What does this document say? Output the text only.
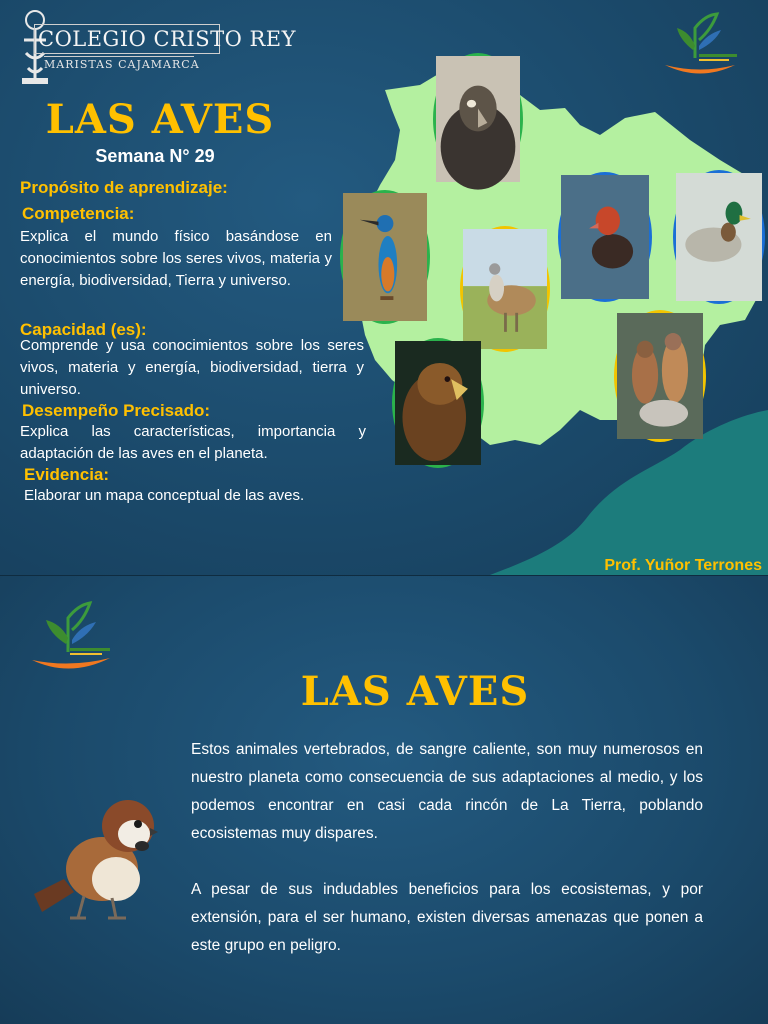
COLEGIO CRISTO REY
MARISTAS CAJAMARCA
LAS AVES
Semana N° 29
Propósito de aprendizaje:
Competencia:
Explica el mundo físico basándose en conocimientos sobre los seres vivos, materia y energía, biodiversidad, Tierra y universo.
Capacidad (es):
Comprende y usa conocimientos sobre los seres vivos, materia y energía, biodiversidad, tierra y universo.
Desempeño Precisado:
Explica las características, importancia y adaptación de las aves en el planeta.
Evidencia:
Elaborar un mapa conceptual de las aves.
Prof. Yuñor Terrones
LAS AVES
Estos animales vertebrados, de sangre caliente, son muy numerosos en nuestro planeta como consecuencia de sus adaptaciones al medio, y los podemos encontrar en casi cada rincón de La Tierra, poblando ecosistemas muy dispares.
A pesar de sus indudables beneficios para los ecosistemas, y por extensión, para el ser humano, existen diversas amenazas que ponen a este grupo en peligro.
